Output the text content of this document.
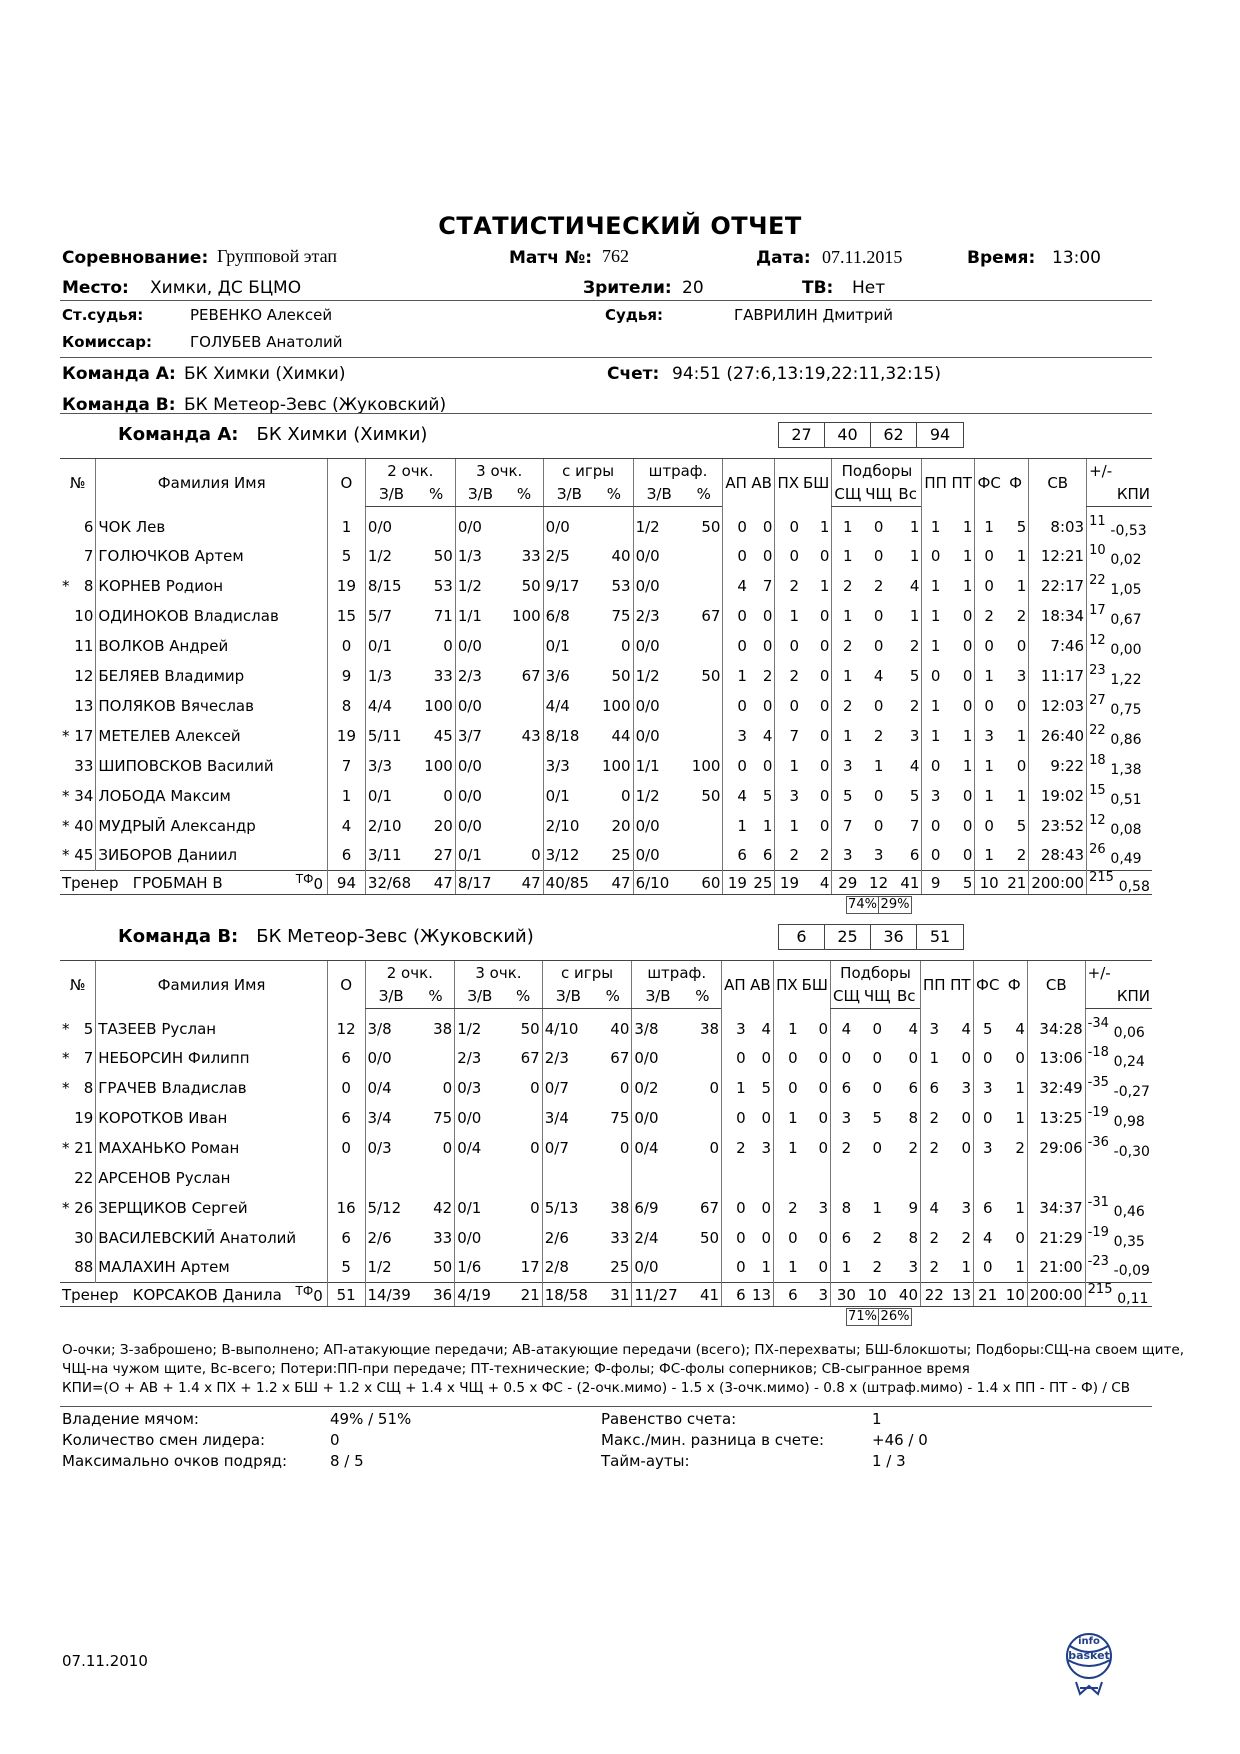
СТАТИСТИЧЕСКИЙ ОТЧЕТ
Соревнование: Групповой этап	Матч №: 762	Дата: 07.11.2015	Время: 13:00
Место: Химки, ДС БЦМО	Зрители: 20	ТВ: Нет
Ст.судья:	РЕВЕНКО Алексей	Судья:	ГАВРИЛИН Дмитрий
Комиссар:	ГОЛУБЕВ Анатолий
Команда А: БК Химки (Химки)	Счет: 94:51 (27:6,13:19,22:11,32:15)
Команда В: БК Метеор-Зевс (Жуковский)
Команда А: БК Химки (Химки)	27	40	62	94
№	Фамилия Имя	О	2 очк.		3 очк.		с игры		штраф.		АП	АВ	ПХ	БШ	Подборы			ПП	ПТ	ФС	Ф	СВ	+/-
			З/В	%	З/В	%	З/В	%	З/В	%					СЩ	ЧЩ	Вс						КПИ

6	ЧОК Лев	1	0/0		0/0		0/0		1/2	50	0	0	0	1	1	0	1	1	1	1	5	8:03	11 -0,53

7	ГОЛЮЧКОВ Артем	5	1/2	50	1/3	33	2/5	40	0/0		0	0	0	0	1	0	1	0	1	0	1	12:21	10 0,02

* 8	КОРНЕВ Родион	19	8/15	53	1/2	50	9/17	53	0/0		4	7	2	1	2	2	4	1	1	0	1	22:17	22 1,05

10	ОДИНОКОВ Владислав	15	5/7	71	1/1	100	6/8	75	2/3	67	0	0	1	0	1	0	1	1	0	2	2	18:34	17 0,67

11	ВОЛКОВ Андрей	0	0/1	0	0/0		0/1	0	0/0		0	0	0	0	2	0	2	1	0	0	0	7:46	12 0,00

12	БЕЛЯЕВ Владимир	9	1/3	33	2/3	67	3/6	50	1/2	50	1	2	2	0	1	4	5	0	0	1	3	11:17	23 1,22

13	ПОЛЯКОВ Вячеслав	8	4/4	100	0/0		4/4	100	0/0		0	0	0	0	2	0	2	1	0	0	0	12:03	27 0,75

* 17	МЕТЕЛЕВ Алексей	19	5/11	45	3/7	43	8/18	44	0/0		3	4	7	0	1	2	3	1	1	3	1	26:40	22 0,86

33	ШИПОВСКОВ Василий	7	3/3	100	0/0		3/3	100	1/1	100	0	0	1	0	3	1	4	0	1	1	0	9:22	18 1,38

* 34	ЛОБОДА Максим	1	0/1	0	0/0		0/1	0	1/2	50	4	5	3	0	5	0	5	3	0	1	1	19:02	15 0,51

* 40	МУДРЫЙ Александр	4	2/10	20	0/0		2/10	20	0/0		1	1	1	0	7	0	7	0	0	0	5	23:52	12 0,08

* 45	ЗИБОРОВ Даниил	6	3/11	27	0/1	0	3/12	25	0/0		6	6	2	2	3	3	6	0	0	1	2	28:43	26 0,49
Тренер ГРОБМАН В $^{ТФ}$0		94	32/68	47	8/17	47	40/85	47	6/10	60	19	25	19	4	29	12	41	9	5	10	21	200:00	215 0,58
74% 29%
Команда В: БК Метеор-Зевс (Жуковский)	6	25	36	51
№	Фамилия Имя	О	2 очк.		3 очк.		с игры		штраф.		АП	АВ	ПХ	БШ	Подборы			ПП	ПТ	ФС	Ф	СВ	+/-
			З/В	%	З/В	%	З/В	%	З/В	%					СЩ	ЧЩ	Вс						КПИ

* 5	ТАЗЕЕВ Руслан	12	3/8	38	1/2	50	4/10	40	3/8	38	3	4	1	0	4	0	4	3	4	5	4	34:28	-34 0,06

* 7	НЕБОРСИН Филипп	6	0/0		2/3	67	2/3	67	0/0		0	0	0	0	0	0	0	1	0	0	0	13:06	-18 0,24

* 8	ГРАЧЕВ Владислав	0	0/4	0	0/3	0	0/7	0	0/2	0	1	5	0	0	6	0	6	6	3	3	1	32:49	-35 -0,27

19	КОРОТКОВ Иван	6	3/4	75	0/0		3/4	75	0/0		0	0	1	0	3	5	8	2	0	0	1	13:25	-19 0,98

* 21	МАХАНЬКО Роман	0	0/3	0	0/4	0	0/7	0	0/4	0	2	3	1	0	2	0	2	2	0	3	2	29:06	-36 -0,30

22	АРСЕНОВ Руслан																						

* 26	ЗЕРЩИКОВ Сергей	16	5/12	42	0/1	0	5/13	38	6/9	67	0	0	2	3	8	1	9	4	3	6	1	34:37	-31 0,46

30	ВАСИЛЕВСКИЙ Анатолий	6	2/6	33	0/0		2/6	33	2/4	50	0	0	0	0	6	2	8	2	2	4	0	21:29	-19 0,35

88	МАЛАХИН Артем	5	1/2	50	1/6	17	2/8	25	0/0		0	1	1	0	1	2	3	2	1	0	1	21:00	-23 -0,09
Тренер КОРСАКОВ Данила $^{ТФ}$0		51	14/39	36	4/19	21	18/58	31	11/27	41	6	13	6	3	30	10	40	22	13	21	10	200:00	215 0,11
71% 26%
О-очки; З-заброшено; В-выполнено; АП-атакующие передачи; АВ-атакующие передачи (всего); ПХ-перехваты; БШ-блокшоты; Подборы:СЩ-на своем щите,
ЧЩ-на чужом щите, Вс-всего; Потери:ПП-при передаче; ПТ-технические; Ф-фолы; ФС-фолы соперников; СВ-сыгранное время
КПИ=(О + АВ + 1.4 x ПХ + 1.2 x БШ + 1.2 x СЩ + 1.4 x ЧЩ + 0.5 x ФС - (2-очк.мимо) - 1.5 x (3-очк.мимо) - 0.8 x (штраф.мимо) - 1.4 x ПП - ПТ - Ф) / СВ
Владение мячом:	49% / 51%	Равенство счета:	1
Количество смен лидера:	0	Макс./мин. разница в счете:	+46 / 0
Максимально очков подряд:	8 / 5	Тайм-ауты:	1 / 3
07.11.2010
info
basket
